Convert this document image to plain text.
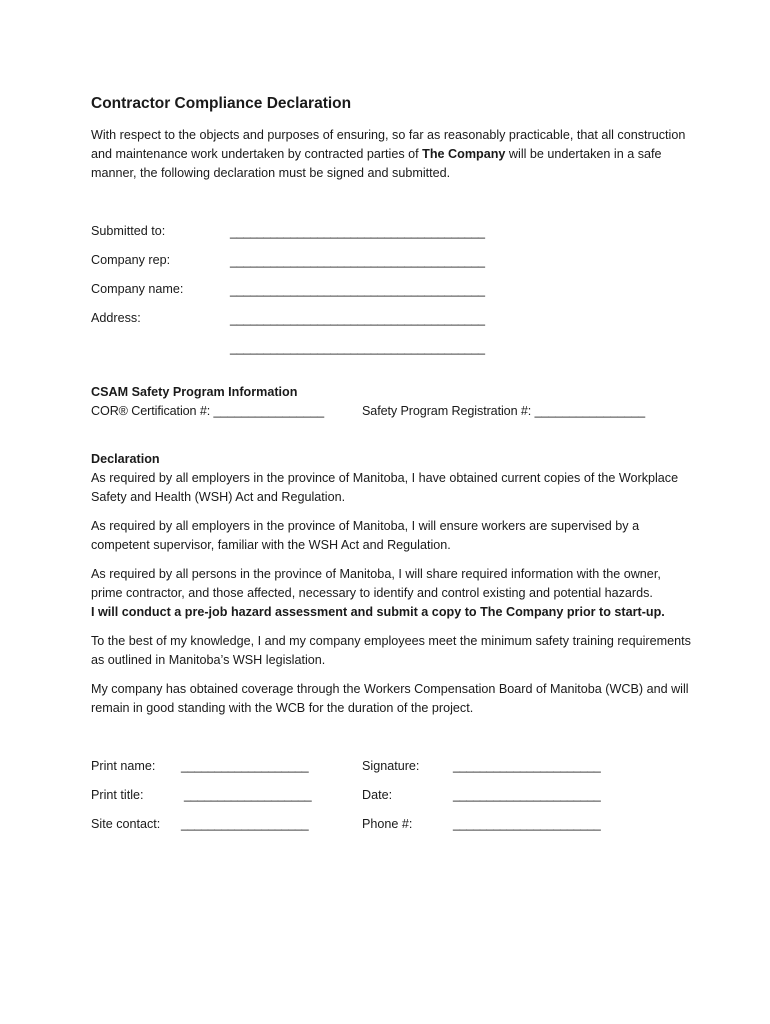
Contractor Compliance Declaration

With respect to the objects and purposes of ensuring, so far as reasonably practicable, that all construction and maintenance work undertaken by contracted parties of The Company will be undertaken in a safe manner, the following declaration must be signed and submitted.

Submitted to:	______________________________________
Company rep:	______________________________________
Company name:	______________________________________
Address:	______________________________________
______________________________________
CSAM Safety Program Information
COR® Certification #: ________________	Safety Program Registration #: ________________
Declaration

As required by all employers in the province of Manitoba, I have obtained current copies of the Workplace Safety and Health (WSH) Act and Regulation.

As required by all employers in the province of Manitoba, I will ensure workers are supervised by a competent supervisor, familiar with the WSH Act and Regulation.

As required by all persons in the province of Manitoba, I will share required information with the owner, prime contractor, and those affected, necessary to identify and control existing and potential hazards.
I will conduct a pre-job hazard assessment and submit a copy to The Company prior to start-up.

To the best of my knowledge, I and my company employees meet the minimum safety training requirements as outlined in Manitoba’s WSH legislation.

My company has obtained coverage through the Workers Compensation Board of Manitoba (WCB) and will remain in good standing with the WCB for the duration of the project.

Print name: ___________________	Signature:	______________________
Print title:	___________________	Date:	______________________
Site contact: ___________________	Phone #:	______________________
